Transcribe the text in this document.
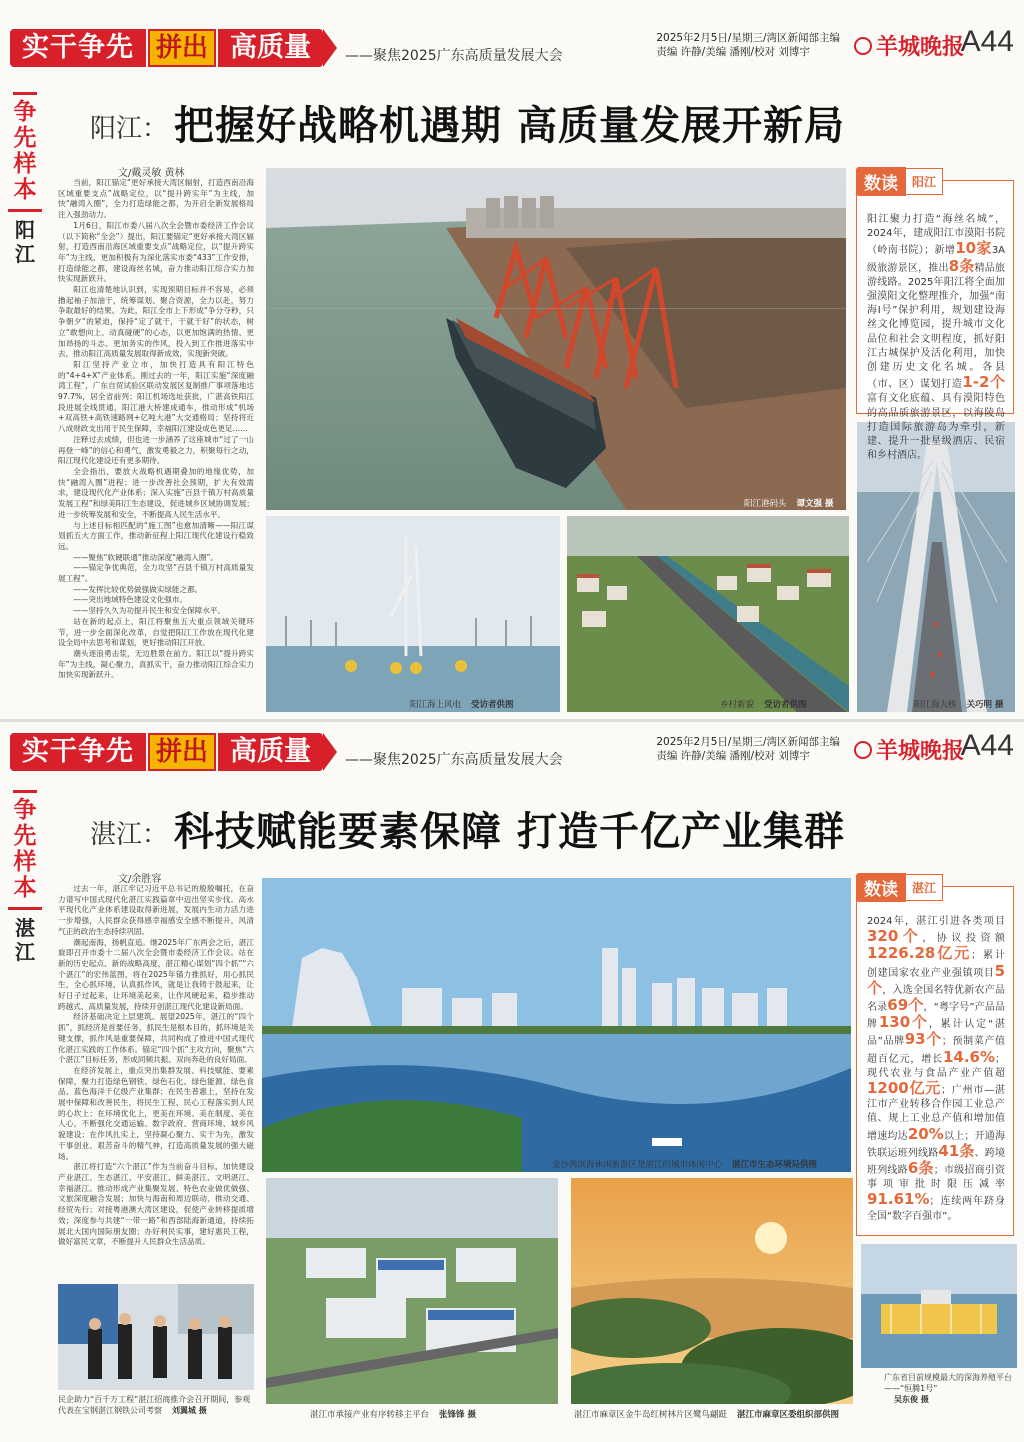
实干争先 拼出 高质量	——聚焦2025广东高质量发展大会
2025年2月5日/星期三/湾区新闻部主编
责编 许静/美编 潘刚/校对 刘博宇	羊城晚报
A44
争先样本
阳江
阳江： 把握好战略机遇期 高质量发展开新局
文/戴灵敏 黄林

当前，阳江锚定“更好承接大湾区辐射，打造西南沿海区域重要支点”战略定位，以“提升跨实年”为主线，加快“融湾入圈”，全力打造绿能之都，为开启全新发展格局注入强劲动力。

1月6日，阳江市委八届八次全会暨市委经济工作会议（以下简称“全会”）提出，阳江要锚定“更好承接大湾区辐射，打造西南沿海区域重要支点”战略定位，以“提升跨实年”为主线，更加积极有为深化落实市委“433”工作安排，打造绿能之都，建设海丝名城，奋力推动阳江综合实力加快实现新跃升。

阳江也清楚地认识到，实现预期目标并不容易，必须撸起袖子加油干，统筹谋划、聚合资源，全力以赴，努力争取最好的结果。为此，阳江全市上下形成“争分夺秒，只争朝夕”的紧迫，保持“定了就干，干就干好”的状态，树立“敢想向上、动真碰硬”的心态，以更加饱满的热情、更加昂扬的斗志、更加务实的作风，投入到工作推进落实中去，推动阳江高质量发展取得新成效，实现新突破。

阳江坚持产业立市，加快打造具有阳江特色的“4+4+X”产业体系。刚过去的一年，阳江实施“深度融湾工程”，广东自贸试验区联动发展区复制推广事项落地达97.7%，居全省前列；阳江机场选址获批，广湛高铁阳江段进展全线贯通，阳江港大桥建成通车，推动形成“机场+双高铁+高铁速路网+亿吨大港”大交通格局；坚持将近八成财政支出用于民生保障，幸福阳江建设成色更足……

注释过去成绩，但也进一步涵养了这座城市“过了一山再登一峰”的信心和勇气，激发勇毅之力，积聚每行之动，阳江现代化建设还有更多期待。

全会指出，要放大战略机遇期叠加的地缘优势，加快“融湾入圈”进程；进一步改善社会预期，扩大有效需求，建设现代化产业体系；深入实施“百县千镇万村高质量发展工程”和绿美阳江生态建设，促进城乡区域协调发展；进一步统筹发展和安全，不断提高人民生活水平。

与上述目标相匹配的“施工图”也愈加清晰——阳江谋划抓五大方面工作，推动新征程上阳江现代化建设行稳致远。

——聚焦“软硬联通”推动深度“融湾入圈”。

——锚定争优典范，全力攻坚“百县千镇万村高质量发展工程”。

——发挥比较优势做强做实绿能之都。

——突出地域特色建设文化强市。

——坚持久久为功提升民生和安全保障水平。

站在新的起点上，阳江将聚焦五大重点领域关键环节，进一步全面深化改革，自觉把阳江工作放在现代化建设全局中去思考和谋划，更好推动阳江开放。

潮头逐浪勇击浆，无边胜景在前方。阳江以“提升跨实年”为主线，凝心聚力，真抓实干，奋力推动阳江综合实力加快实现新跃升。

阳江港码头 谭文强 摄
阳江海上风电 受访者供图	乡村新貌 受访者供图	阳江海大桥 关巧明 摄
数读	阳江
阳江聚力打造“海丝名城”，2024年，建成阳江市漠阳书院（岭南书院）；新增10家3A级旅游景区，推出8条精品旅游线路。2025年阳江将全面加强漠阳文化整理推介，加强“南海Ⅰ号”保护利用，规划建设海丝文化博览园，提升城市文化品位和社会文明程度，抓好阳江古城保护及活化利用，加快创建历史文化名城。各县（市、区）谋划打造1-2个富有文化底蕴、具有漠阳特色的高品质旅游景区，以海陵岛打造国际旅游岛为牵引，新建、提升一批星级酒店、民宿和乡村酒店。
实干争先 拼出 高质量	——聚焦2025广东高质量发展大会
2025年2月5日/星期三/湾区新闻部主编
责编 许静/美编 潘刚/校对 刘博宇	羊城晚报
A44
争先样本
湛江
湛江： 科技赋能要素保障 打造千亿产业集群
文/余胜容

过去一年，湛江牢记习近平总书记的殷殷嘱托，在奋力谱写中国式现代化湛江实践篇章中迈出坚实步伐。高水平现代化产业体系建设取得新进展，发展内生动力活力进一步增强，人民群众获得感幸福感安全感不断提升，风清气正的政治生态持续巩固。

潮起南海，扬帆直追。继2025年广东两会之后，湛江旋即召开市委十二届八次全会暨市委经济工作会议。站在新的历史起点、新的战略高度，湛江精心谋划“四个抓”“六个湛江”的宏伟蓝图，将在2025年锚力推抓好，用心抓民生，全心抓环境，认真抓作风，就是让我铸于鼓起来，让好日子过起来，让环境美起来，让作风硬起来，稳步推动跨越式、高质量发展，持续开创湛江现代化建设新局面。

经济基础决定上层建筑。展望2025年，湛江的“四个抓”，抓经济是首要任务，抓民生是根本目的，抓环境是关键支撑，抓作风是重要保障，共同构成了推进中国式现代化湛江实践的工作体系。锚定“四个抓”主攻方向，聚焦“六个湛江”目标任务，形成同频共振、双向奔赴的良好局面。

在经济发展上，重点突出集群发展、科技赋能、要素保障，聚力打造绿色钢铁、绿色石化、绿色能源、绿色食品、蓝色海洋千亿级产业集群；在民生普惠上，坚持在发展中保障和改善民生，将民生工程、民心工程落实到人民的心坎上；在环境优化上，更美在环境、美在制度、美在人心，不断强化交通运输、数字政府、营商环境、城乡风貌建设；在作风扎实上，坚持凝心聚力、实干为先，激发干事创业、艰苦奋斗的精气神，打造高质量发展的强大磁场。

湛江将打造“六个湛江”作为当前奋斗目标，加快建设产业湛江、生态湛江、平安湛江、鲜美湛江、文明湛江、幸福湛江。推动形成产业集聚发展、特色农业做优做强、文旅深度融合发展；加快与海南和周边联动、推动交通、经贸先行；对接粤港澳大湾区建设，促使产业转移提质增效；深度参与共建“一带一路”和西部陆海新通道，持续拓展北大国内国际朋友圈；办好利民实事，建好惠民工程，做好富民文章，不断提升人民群众生活品质。

金沙湾滨海休闲旅游区是湛江的城市休闲中心 湛江市生态环境局供图
民企助力“百千万工程”湛江招商推介会召开期间，参观代表在宝钢湛江钢铁公司考察 刘翼城 摄	湛江市承接产业有序转移主平台 张锋锋 摄	湛江市麻章区金牛岛红树林片区鹭鸟翩跹 湛江市麻章区委组织部供图
广东省目前规模最大的深海养殖平台——“恒腾1号”
吴东俊 摄
数读	湛江
2024年，湛江引进各类项目320个，协议投资额1226.28亿元；累计创建国家农业产业强镇项目5个，入选全国名特优新农产品名录69个，“粤字号”产品品牌130个，累计认定“湛品”品牌93个；预制菜产值超百亿元，增长14.6%；现代农业与食品产业产值超1200亿元；广州市—湛江市产业转移合作园工业总产值、规上工业总产值和增加值增速均达20%以上；开通海铁联运班列线路41条、跨境班列线路6条；市级招商引资事项审批时限压减率91.61%；连续两年跻身全国“数字百强市”。
